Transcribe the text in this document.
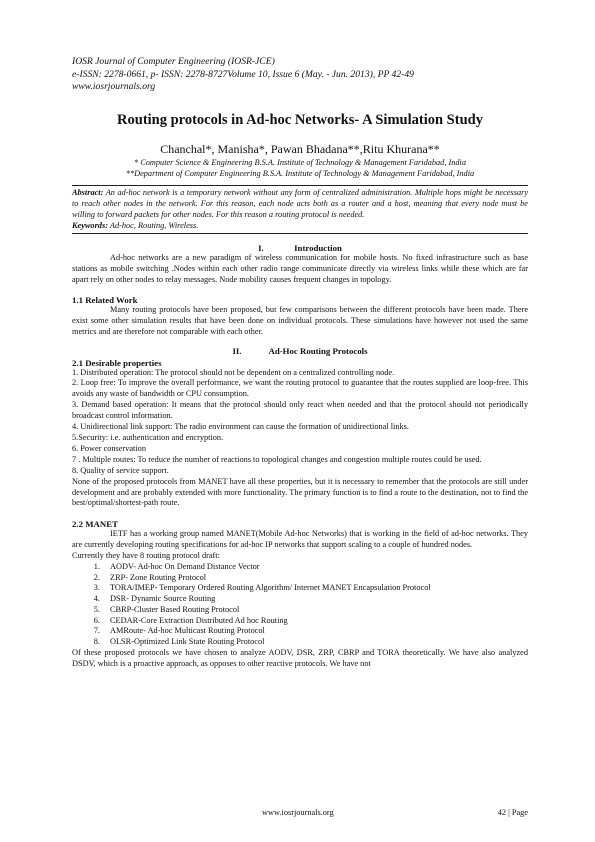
IOSR Journal of Computer Engineering (IOSR-JCE)
e-ISSN: 2278-0661, p- ISSN: 2278-8727Volume 10, Issue 6 (May. - Jun. 2013), PP 42-49
www.iosrjournals.org
Routing protocols in Ad-hoc Networks- A Simulation Study
Chanchal*, Manisha*, Pawan Bhadana**,Ritu Khurana**
* Computer Science & Engineering B.S.A. Institute of Technology & Management Faridabad, India
**Department of Computer Engineering B.S.A. Institute of Technology & Management Faridabad, India
Abstract: An ad-hoc network is a temporary network without any form of centralized administration. Multiple hops might be necessary to reach other nodes in the network. For this reason, each node acts both as a router and a host, meaning that every node must be willing to forward packets for other nodes. For this reason a routing protocol is needed.
Keywords: Ad-hoc, Routing, Wireless.
I.	Introduction
Ad-hoc networks are a new paradigm of wireless communication for mobile hosts. No fixed infrastructure such as base stations as mobile switching .Nodes within each other radio range communicate directly via wireless links while these which are far apart rely on other nodes to relay messages. Node mobility causes frequent changes in topology.
1.1 Related Work
Many routing protocols have been proposed, but few comparisons between the different protocols have been made. There exist some other simulation results that have been done on individual protocols. These simulations have however not used the same metrics and are therefore not comparable with each other.
II.	Ad-Hoc Routing Protocols
2.1 Desirable properties
1. Distributed operation: The protocol should not be dependent on a centralized controlling node.
2. Loop free: To improve the overall performance, we want the routing protocol to guarantee that the routes supplied are loop-free. This avoids any waste of bandwidth or CPU consumption.
3. Demand based operation: It means that the protocol should only react when needed and that the protocol should not periodically broadcast control information.
4. Unidirectional link support: The radio environment can cause the formation of unidirectional links.
5.Security: i.e. authentication and encryption.
6. Power conservation
7 . Multiple routes: To reduce the number of reactions to topological changes and congestion multiple routes could be used.
8. Quality of service support.
None of the proposed protocols from MANET have all these properties, but it is necessary to remember that the protocols are still under development and are probably extended with more functionality. The primary function is to find a route to the destination, not to find the best/optimal/shortest-path route.
2.2 MANET
IETF has a working group named MANET(Mobile Ad-hoc Networks) that is working in the field of ad-hoc networks. They are currently developing routing specifications for ad-hoc IP networks that support scaling to a couple of hundred nodes.
Currently they have 8 routing protocol draft:
1.	AODV- Ad-hoc On Demand Distance Vector
2.	ZRP- Zone Routing Protocol
3.	TORA/IMEP- Temporary Ordered Routing Algorithm/ Internet MANET Encapsulation Protocol
4.	DSR- Dynamic Source Routing
5.	CBRP-Cluster Based Routing Protocol
6.	CEDAR-Core Extraction Distributed Ad hoc Routing
7.	AMRoute- Ad-hoc Multicast Routing Protocol
8.	OLSR-Optimized Link State Routing Protocol
Of these proposed protocols we have chosen to analyze AODV, DSR, ZRP, CBRP and TORA theoretically. We have also analyzed DSDV, which is a proactive approach, as opposes to other reactive protocols. We have not
www.iosrjournals.org	42 | Page
